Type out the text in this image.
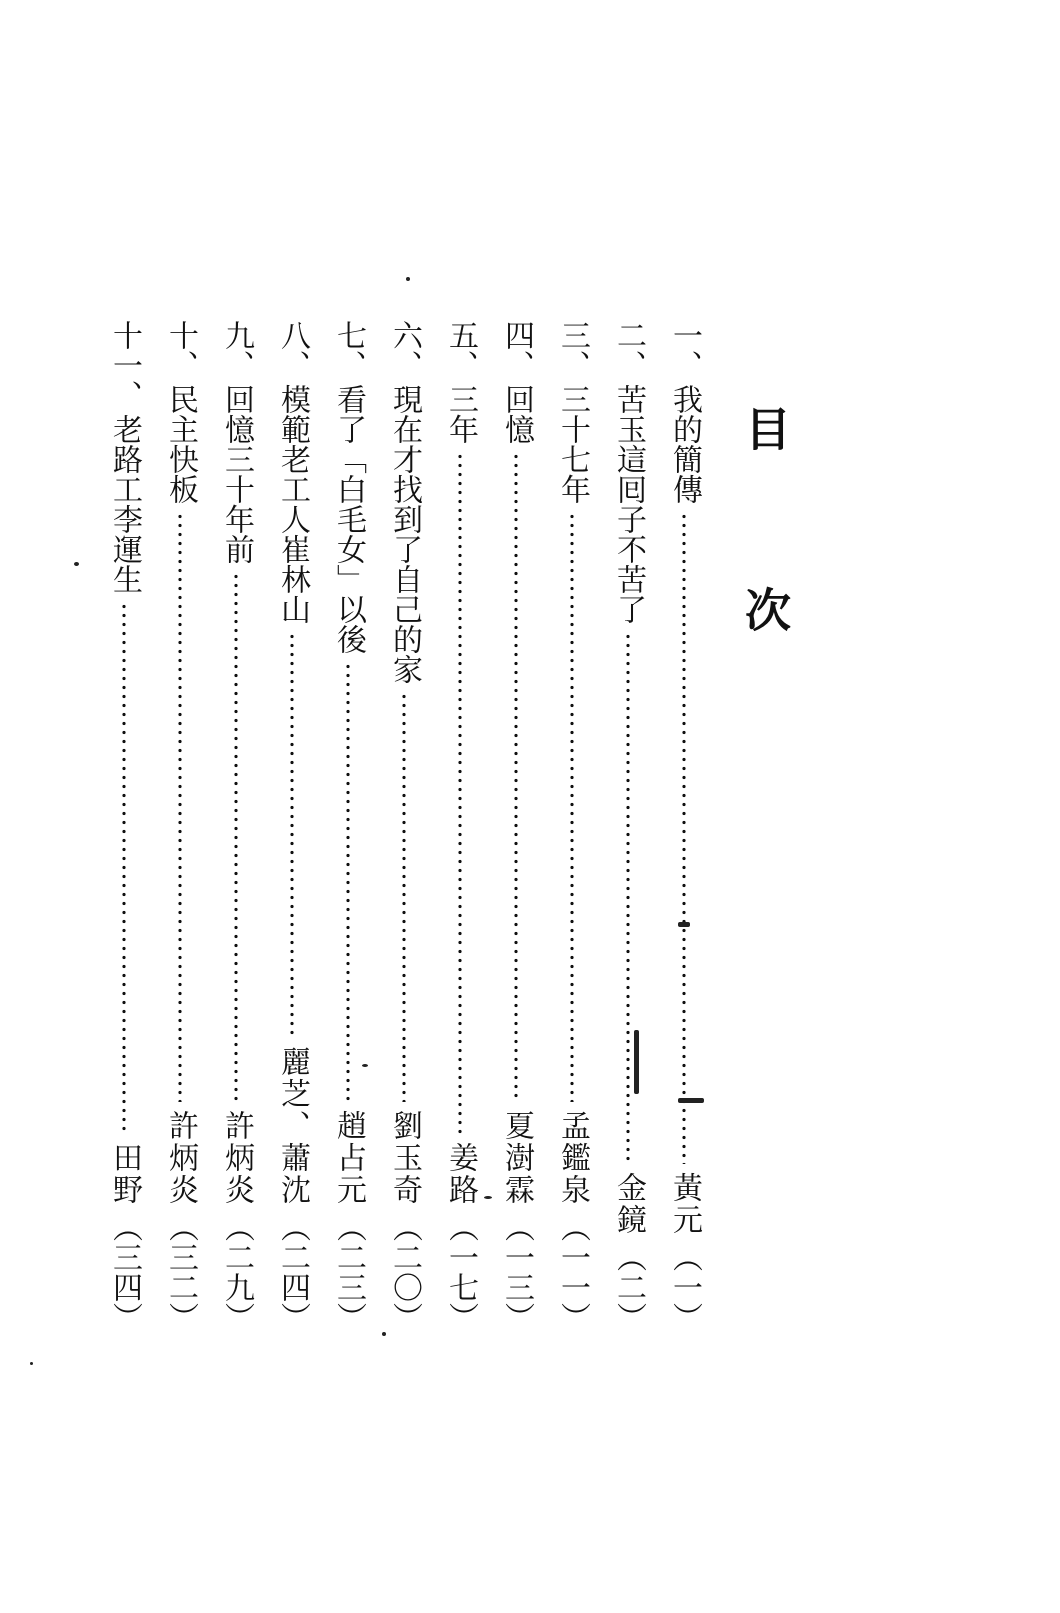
目次
一、
我的簡傳
黃元
（一）
二、
苦玉這囘子不苦了
金鏡
（二）
三、
三十七年
孟鑑泉
（一一）
四、
回憶
夏澍霖
（一三）
五、
三年
姜路
（一七）
六、
現在才找到了自己的家
劉玉奇
（二〇）
七、
看了「白毛女」以後
趙占元
（二三）
八、
模範老工人崔林山
麗芝、蕭沈
（二四）
九、
回憶三十年前
許炳炎
（二九）
十、
民主快板
許炳炎
（三二）
十一、
老路工李運生
田野
（三四）
